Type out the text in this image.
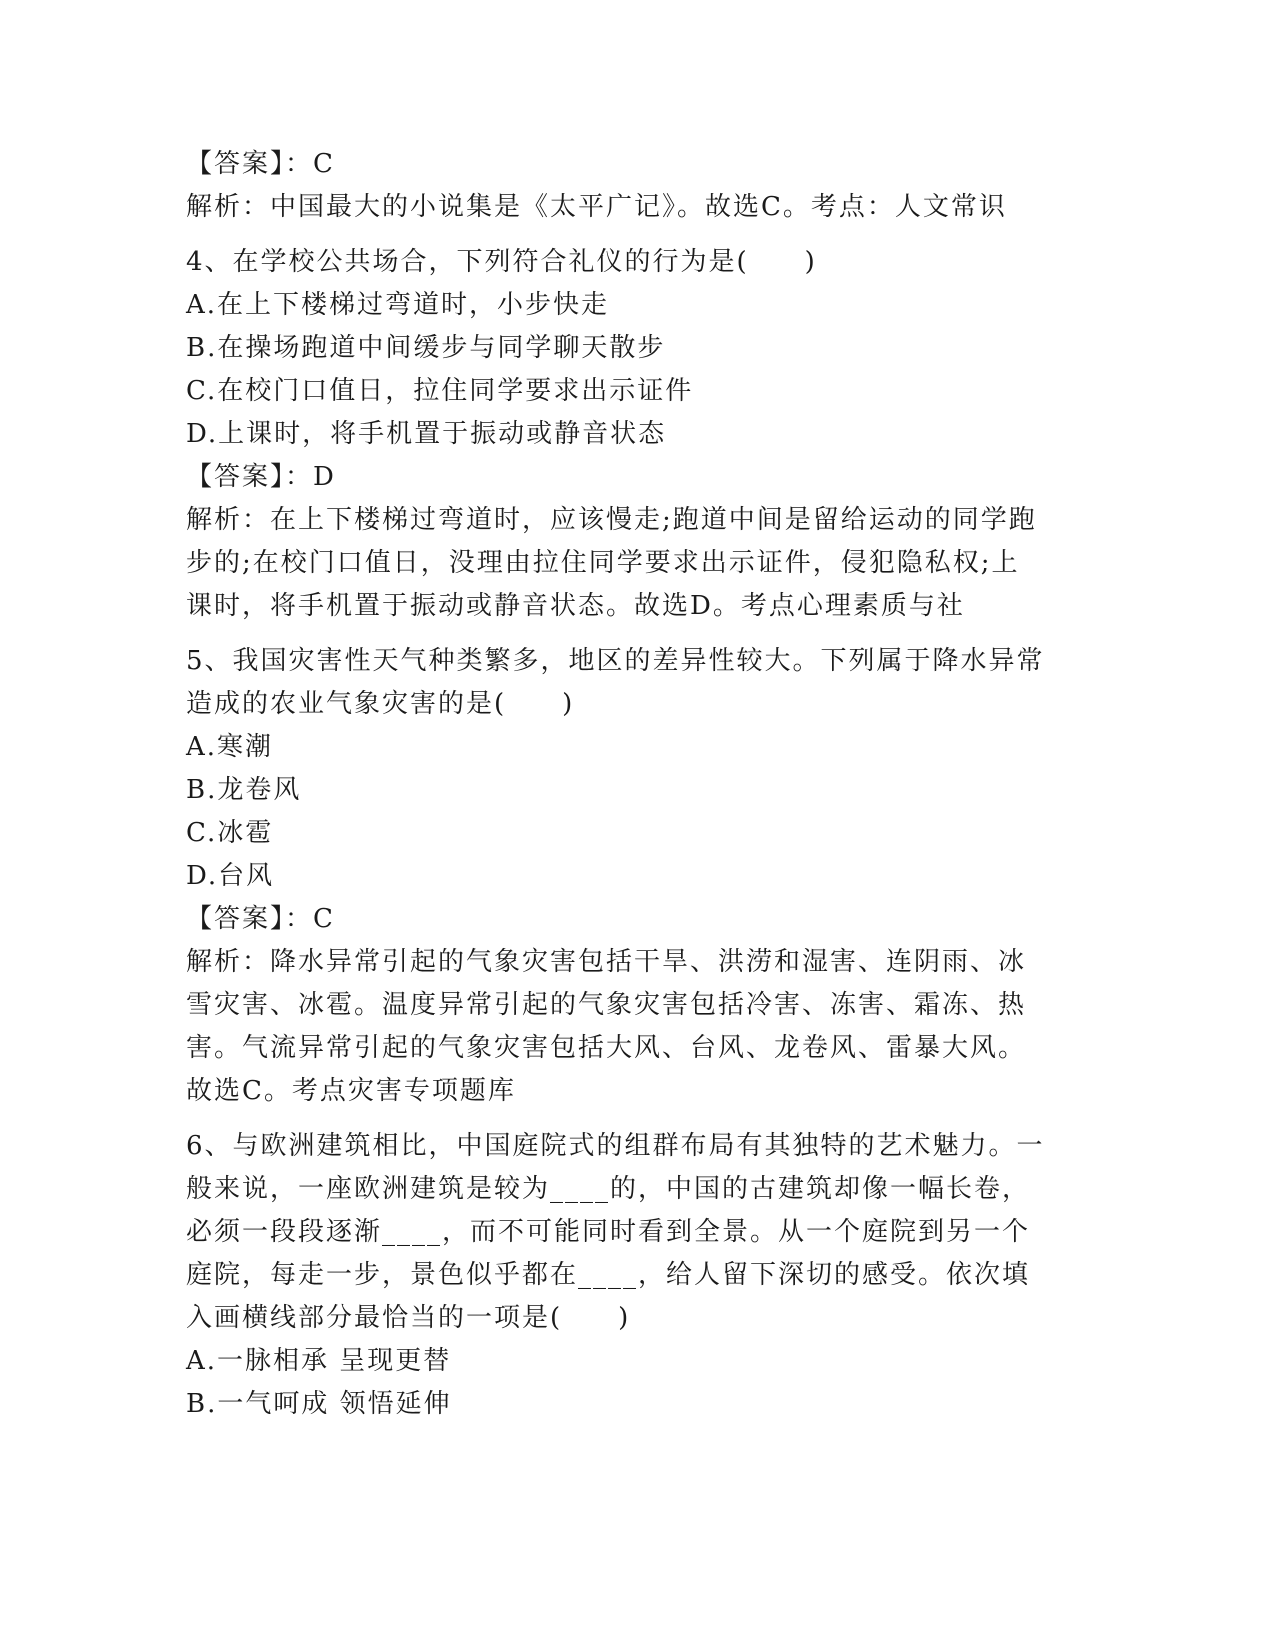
【答案】：C
解析：中国最大的小说集是《太平广记》。故选C。考点：人文常识
4、在学校公共场合，下列符合礼仪的行为是(　　)
A.在上下楼梯过弯道时，小步快走
B.在操场跑道中间缓步与同学聊天散步
C.在校门口值日，拉住同学要求出示证件
D.上课时，将手机置于振动或静音状态
【答案】：D
解析：在上下楼梯过弯道时，应该慢走;跑道中间是留给运动的同学跑
步的;在校门口值日，没理由拉住同学要求出示证件，侵犯隐私权;上
课时，将手机置于振动或静音状态。故选D。考点心理素质与社
5、我国灾害性天气种类繁多，地区的差异性较大。下列属于降水异常
造成的农业气象灾害的是(　　)
A.寒潮
B.龙卷风
C.冰雹
D.台风
【答案】：C
解析：降水异常引起的气象灾害包括干旱、洪涝和湿害、连阴雨、冰
雪灾害、冰雹。温度异常引起的气象灾害包括冷害、冻害、霜冻、热
害。气流异常引起的气象灾害包括大风、台风、龙卷风、雷暴大风。
故选C。考点灾害专项题库
6、与欧洲建筑相比，中国庭院式的组群布局有其独特的艺术魅力。一
般来说，一座欧洲建筑是较为____的，中国的古建筑却像一幅长卷，
必须一段段逐渐____，而不可能同时看到全景。从一个庭院到另一个
庭院，每走一步，景色似乎都在____，给人留下深切的感受。依次填
入画横线部分最恰当的一项是(　　)
A.一脉相承 呈现更替
B.一气呵成 领悟延伸
